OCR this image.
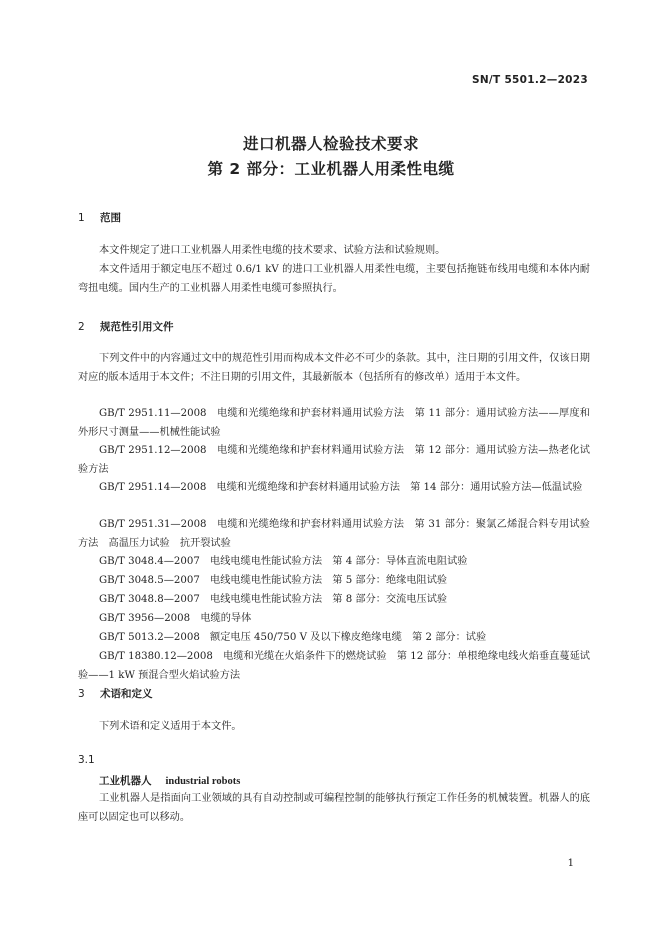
SN/T 5501.2—2023
进口机器人检验技术要求
第 2 部分：工业机器人用柔性电缆
1 范围
本文件规定了进口工业机器人用柔性电缆的技术要求、试验方法和试验规则。
本文件适用于额定电压不超过 0.6/1 kV 的进口工业机器人用柔性电缆，主要包括拖链布线用电缆和本体内耐弯扭电缆。国内生产的工业机器人用柔性电缆可参照执行。
2 规范性引用文件
下列文件中的内容通过文中的规范性引用而构成本文件必不可少的条款。其中，注日期的引用文件，仅该日期对应的版本适用于本文件；不注日期的引用文件，其最新版本（包括所有的修改单）适用于本文件。
GB/T 2951.11—2008　电缆和光缆绝缘和护套材料通用试验方法　第 11 部分：通用试验方法——厚度和外形尺寸测量——机械性能试验
GB/T 2951.12—2008　电缆和光缆绝缘和护套材料通用试验方法　第 12 部分：通用试验方法—热老化试验方法
GB/T 2951.14—2008　电缆和光缆绝缘和护套材料通用试验方法　第 14 部分：通用试验方法—低温试验
GB/T 2951.31—2008　电缆和光缆绝缘和护套材料通用试验方法　第 31 部分：聚氯乙烯混合料专用试验方法　高温压力试验　抗开裂试验
GB/T 3048.4—2007　电线电缆电性能试验方法　第 4 部分：导体直流电阻试验
GB/T 3048.5—2007　电线电缆电性能试验方法　第 5 部分：绝缘电阻试验
GB/T 3048.8—2007　电线电缆电性能试验方法　第 8 部分：交流电压试验
GB/T 3956—2008　电缆的导体
GB/T 5013.2—2008　额定电压 450/750 V 及以下橡皮绝缘电缆　第 2 部分：试验
GB/T 18380.12—2008　电缆和光缆在火焰条件下的燃烧试验　第 12 部分：单根绝缘电线火焰垂直蔓延试验——1 kW 预混合型火焰试验方法
3 术语和定义
下列术语和定义适用于本文件。
3.1
工业机器人 industrial robots
工业机器人是指面向工业领域的具有自动控制或可编程控制的能够执行预定工作任务的机械装置。机器人的底座可以固定也可以移动。
1
